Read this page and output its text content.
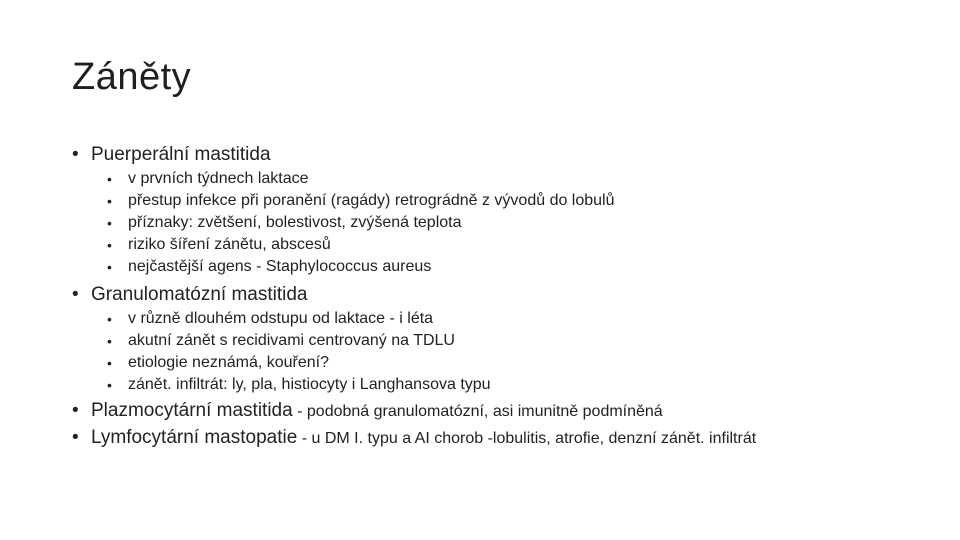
Záněty
• Puerperální mastitida
• v prvních týdnech laktace
• přestup infekce při poranění (ragády) retrográdně z vývodů do lobulů
• příznaky: zvětšení, bolestivost, zvýšená teplota
• riziko šíření zánětu, abscesů
• nejčastější agens - Staphylococcus aureus
• Granulomatózní mastitida
• v různě dlouhém odstupu od laktace - i léta
• akutní zánět s recidivami centrovaný na TDLU
• etiologie neznámá, kouření?
• zánět. infiltrát: ly, pla, histiocyty i Langhansova typu
• Plazmocytární mastitida - podobná granulomatózní, asi imunitně podmíněná
• Lymfocytární mastopatie - u DM I. typu a AI chorob -lobulitis, atrofie, denzní zánět. infiltrát
